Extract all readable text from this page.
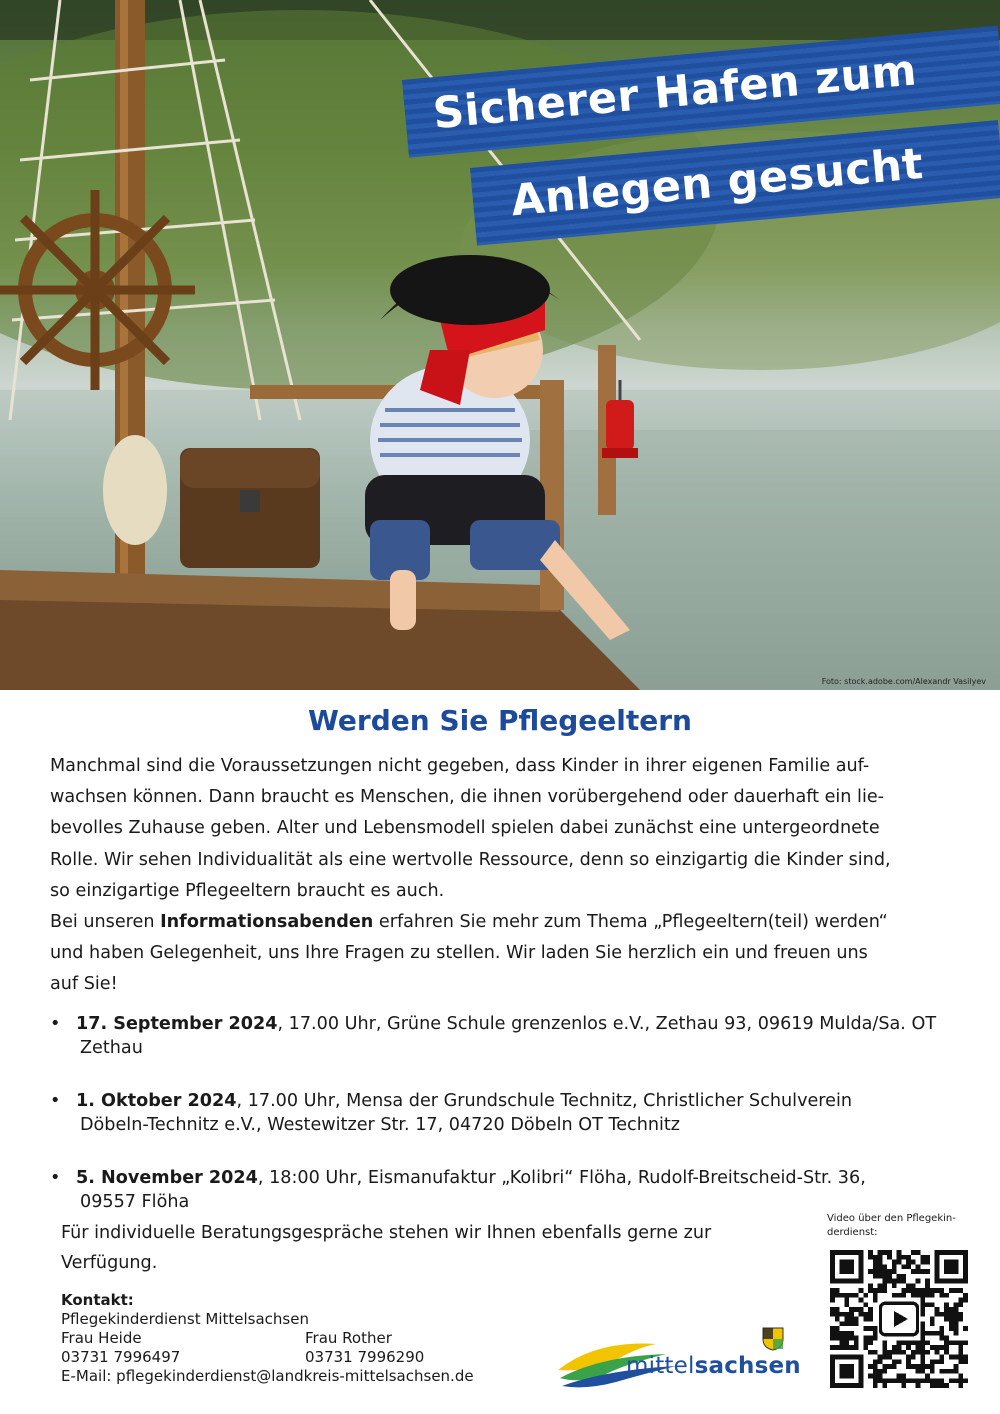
Foto: stock.adobe.com/Alexandr Vasilyev
Sicherer Hafen zum
Anlegen gesucht
Werden Sie Pflegeeltern

Manchmal sind die Voraussetzungen nicht gegeben, dass Kinder in ihrer eigenen Familie auf-

wachsen können. Dann braucht es Menschen, die ihnen vorübergehend oder dauerhaft ein lie-

bevolles Zuhause geben. Alter und Lebensmodell spielen dabei zunächst eine untergeordnete

Rolle. Wir sehen Individualität als eine wertvolle Ressource, denn so einzigartig die Kinder sind,

so einzigartige Pflegeeltern braucht es auch.

Bei unseren Informationsabenden erfahren Sie mehr zum Thema „Pflegeeltern(teil) werden“

und haben Gelegenheit, uns Ihre Fragen zu stellen. Wir laden Sie herzlich ein und freuen uns

auf Sie!

• 17. September 2024, 17.00 Uhr, Grüne Schule grenzenlos e.V., Zethau 93, 09619 Mulda/Sa. OT
Zethau
• 1. Oktober 2024, 17.00 Uhr, Mensa der Grundschule Technitz, Christlicher Schulverein
Döbeln-Technitz e.V., Westewitzer Str. 17, 04720 Döbeln OT Technitz
• 5. November 2024, 18:00 Uhr, Eismanufaktur „Kolibri“ Flöha, Rudolf-Breitscheid-Str. 36,
09557 Flöha
Für individuelle Beratungsgespräche stehen wir Ihnen ebenfalls gerne zur
Verfügung.
Kontakt:
Pflegekinderdienst Mittelsachsen
Frau Heide	Frau Rother
03731 7996497	03731 7996290
E-Mail: pflegekinderdienst@landkreis-mittelsachsen.de	mittelsachsen
Video über den Pflegekin-
derdienst:
